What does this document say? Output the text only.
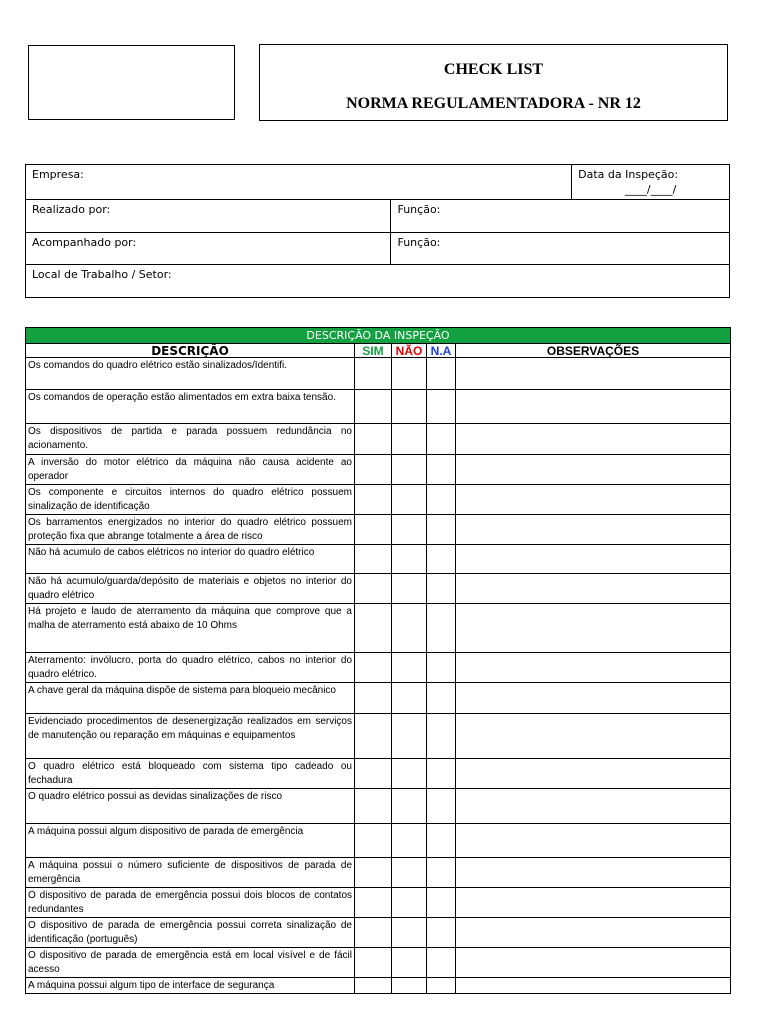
CHECK LIST
NORMA REGULAMENTADORA - NR 12
Empresa:		Data da Inspeção:
____/____/

Realizado por:	Função:	
Acompanhado por:	Função:	
Local de Trabalho / Setor:		
DESCRIÇÃO DA INSPEÇÃO				
DESCRIÇÃO	SIM	NÃO	N.A	OBSERVAÇÕES
Os comandos do quadro elétrico estão sinalizados/Identifi.				
Os comandos de operação estão alimentados em extra baixa tensão.				
Os dispositivos de partida e parada possuem redundância no acionamento.				
A inversão do motor elétrico da máquina não causa acidente ao operador				
Os componente e circuitos internos do quadro elétrico possuem sinalização de identificação				
Os barramentos energizados no interior do quadro elétrico possuem proteção fixa que abrange totalmente a área de risco				
Não há acumulo de cabos elétricos no interior do quadro elétrico				
Não há acumulo/guarda/depósito de materiais e objetos no interior do quadro elétrico				
Há projeto e laudo de aterramento da máquina que comprove que a malha de aterramento está abaixo de 10 Ohms				
Aterramento: invólucro, porta do quadro elétrico, cabos no interior do quadro elétrico.				
A chave geral da máquina dispõe de sistema para bloqueio mecânico				
Evidenciado procedimentos de desenergização realizados em serviços de manutenção ou reparação em máquinas e equipamentos				
O quadro elétrico está bloqueado com sistema tipo cadeado ou fechadura				
O quadro elétrico possui as devidas sinalizações de risco				
A máquina possui algum dispositivo de parada de emergência				
A máquina possui o número suficiente de dispositivos de parada de emergência				
O dispositivo de parada de emergência possui dois blocos de contatos redundantes				
O dispositivo de parada de emergência possui correta sinalização de identificação (português)				
O dispositivo de parada de emergência está em local visível e de fácil acesso				
A máquina possui algum tipo de interface de segurança				
